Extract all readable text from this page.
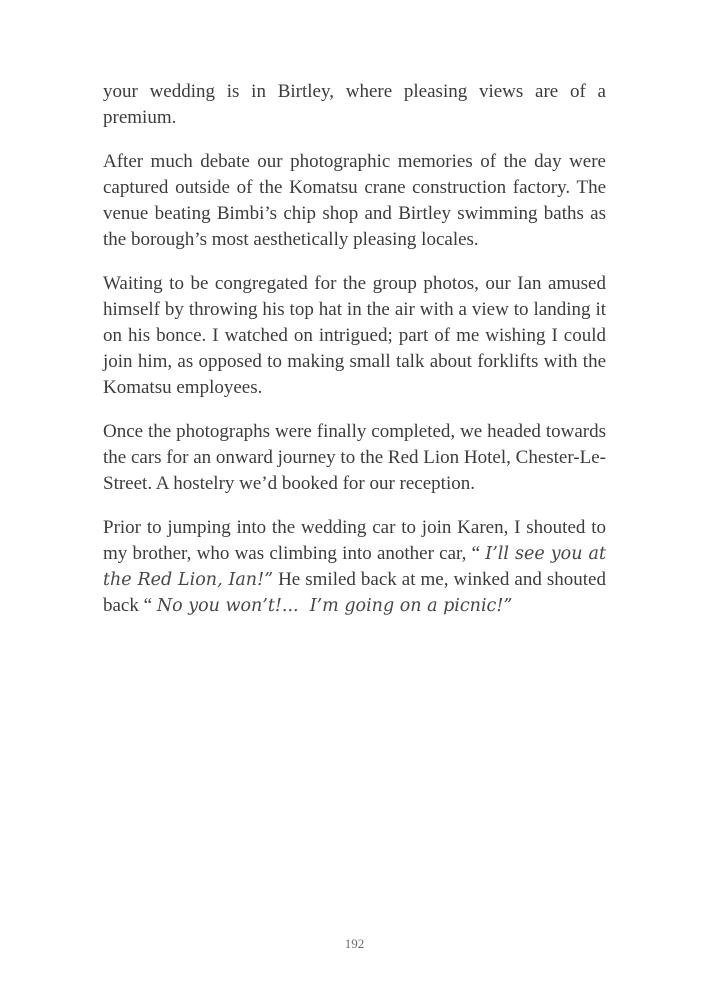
your wedding is in Birtley, where pleasing views are of a premium.

After much debate our photographic memories of the day were captured outside of the Komatsu crane construction factory. The venue beating Bimbi’s chip shop and Birtley swimming baths as the borough’s most aesthetically pleasing locales.

Waiting to be congregated for the group photos, our Ian amused himself by throwing his top hat in the air with a view to landing it on his bonce. I watched on intrigued; part of me wishing I could join him, as opposed to making small talk about forklifts with the Komatsu employees.

Once the photographs were finally completed, we headed towards the cars for an onward journey to the Red Lion Hotel, Chester-Le-Street. A hostelry we’d booked for our reception.

Prior to jumping into the wedding car to join Karen, I shouted to my brother, who was climbing into another car, “ I’ll see you at the Red Lion, Ian!” He smiled back at me, winked and shouted back “ No you won’t!...  I’m going on a picnic!”

192
